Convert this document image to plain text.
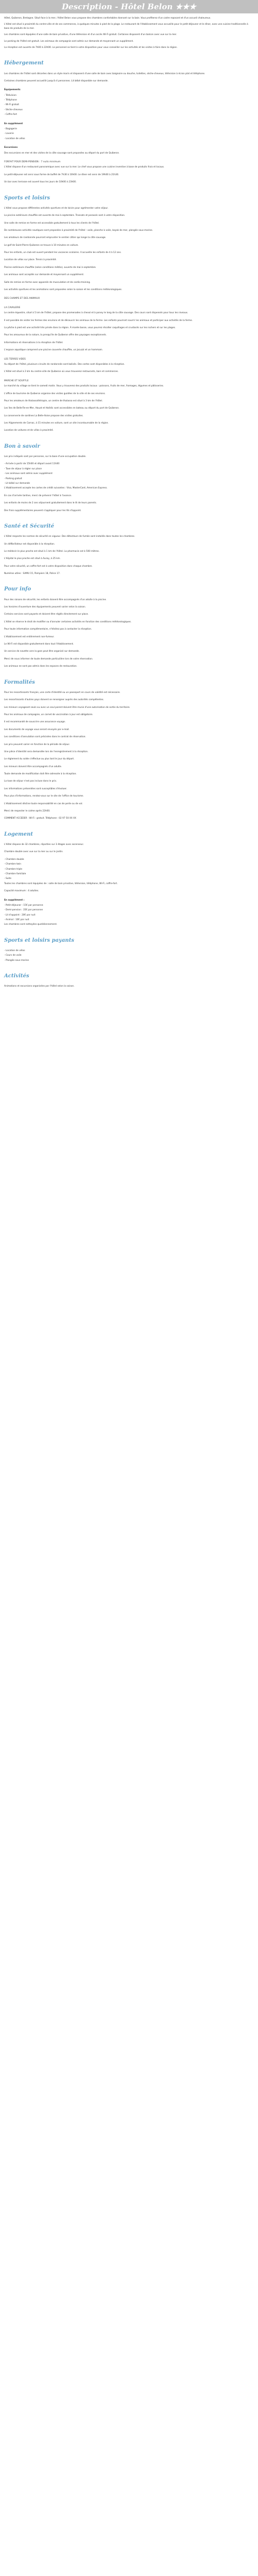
Description - Hôtel Belon ★★★

Hôtel, Quiberon, Bretagne. Situé face à la mer, l'hôtel Belon vous propose des chambres confortables donnant sur la baie. Vous profiterez d'un cadre reposant et d'un accueil chaleureux.

L'hôtel est situé à proximité du centre-ville et de ses commerces, à quelques minutes à pied de la plage. Le restaurant de l'établissement vous accueille pour le petit-déjeuner et le dîner, avec une cuisine traditionnelle à base de produits de la mer.

Les chambres sont équipées d'une salle de bain privative, d'une télévision et d'un accès Wi-Fi gratuit. Certaines disposent d'un balcon avec vue sur la mer.

Le parking de l'hôtel est gratuit. Les animaux de compagnie sont admis sur demande et moyennant un supplément.

La réception est ouverte de 7h00 à 22h00. Le personnel se tient à votre disposition pour vous conseiller sur les activités et les visites à faire dans la région.

Hébergement

Les chambres de l'hôtel sont décorées dans un style marin et disposent d'une salle de bain avec baignoire ou douche, toilettes, sèche-cheveux, télévision à écran plat et téléphone.

Certaines chambres peuvent accueillir jusqu'à 4 personnes. Lit bébé disponible sur demande.

Équipements

- Télévision

- Téléphone

- Wi-Fi gratuit

- Sèche-cheveux

- Coffre-fort

En supplément

- Bagagerie

- Laverie

- Location de vélos

Excursions

Des excursions en mer et des visites de la côte sauvage sont proposées au départ du port de Quiberon.

FORFAIT POUR DEMI-PENSION : 7 nuits minimum

L'hôtel dispose d'un restaurant panoramique avec vue sur la mer. Le chef vous propose une cuisine inventive à base de produits frais et locaux.

Le petit-déjeuner est servi sous forme de buffet de 7h30 à 10h00. Le dîner est servi de 19h00 à 21h30.

Un bar avec terrasse est ouvert tous les jours de 10h00 à 23h00.

Sports et loisirs

L'hôtel vous propose différentes activités sportives et de loisirs pour agrémenter votre séjour.

La piscine extérieure chauffée est ouverte de mai à septembre. Transats et parasols sont à votre disposition.

Une salle de remise en forme est accessible gratuitement à tous les clients de l'hôtel.

De nombreuses activités nautiques sont proposées à proximité de l'hôtel : voile, planche à voile, kayak de mer, plongée sous-marine.

Les amateurs de randonnée pourront emprunter le sentier côtier qui longe la côte sauvage.

Le golf de Saint-Pierre-Quiberon se trouve à 10 minutes en voiture.

Pour les enfants, un club est ouvert pendant les vacances scolaires. Il accueille les enfants de 4 à 12 ans.

Location de vélos sur place. Tennis à proximité.

Piscine extérieure chauffée (selon conditions météo), ouverte de mai à septembre.

Les animaux sont acceptés sur demande et moyennant un supplément.

Salle de remise en forme avec appareils de musculation et de cardio-training.

Les activités sportives et les animations sont proposées selon la saison et les conditions météorologiques.

DES CHAMPS ET DES ANIMAUX
LA CAVALERIE

Le centre équestre, situé à 5 km de l'hôtel, propose des promenades à cheval et à poney le long de la côte sauvage. Des cours sont dispensés pour tous les niveaux.

Il est possible de visiter les fermes des environs et de découvrir les animaux de la ferme. Les enfants pourront nourrir les animaux et participer aux activités de la ferme.

La pêche à pied est une activité très prisée dans la région. À marée basse, vous pourrez récolter coquillages et crustacés sur les rochers et sur les plages.

Pour les amoureux de la nature, la presqu'île de Quiberon offre des paysages exceptionnels.

Informations et réservations à la réception de l'hôtel.

L'espace aquatique comprend une piscine couverte chauffée, un jacuzzi et un hammam.

LES TERRES VIDES

Au départ de l'hôtel, plusieurs circuits de randonnée sont balisés. Des cartes sont disponibles à la réception.

L'hôtel est situé à 2 km du centre-ville de Quiberon où vous trouverez restaurants, bars et commerces.

MARCHE ET SOUFFLE

Le marché du village se tient le samedi matin. Vous y trouverez des produits locaux : poissons, fruits de mer, fromages, légumes et pâtisseries.

L'office de tourisme de Quiberon organise des visites guidées de la ville et de ses environs.

Pour les amateurs de thalassothérapie, un centre de thalasso est situé à 3 km de l'hôtel.

Les îles de Belle-Île-en-Mer, Houat et Hoëdic sont accessibles en bateau au départ du port de Quiberon.

La conserverie de sardines La Belle-Iloise propose des visites gratuites.

Les Alignements de Carnac, à 15 minutes en voiture, sont un site incontournable de la région.

Location de voitures et de vélos à proximité.

Bon à savoir

Les prix indiqués sont par personne, sur la base d'une occupation double.

- Arrivée à partir de 15h00 et départ avant 11h00

- Taxe de séjour à régler sur place

- Les animaux sont admis avec supplément

- Parking gratuit

- Lit bébé sur demande

L'établissement accepte les cartes de crédit suivantes : Visa, MasterCard, American Express.

En cas d'arrivée tardive, merci de prévenir l'hôtel à l'avance.

Les enfants de moins de 2 ans séjournent gratuitement dans le lit de leurs parents.

Des frais supplémentaires peuvent s'appliquer pour les lits d'appoint.

Santé et Sécurité

L'hôtel respecte les normes de sécurité en vigueur. Des détecteurs de fumée sont installés dans toutes les chambres.

Un défibrillateur est disponible à la réception.

Le médecin le plus proche est situé à 1 km de l'hôtel. La pharmacie est à 500 mètres.

L'hôpital le plus proche est situé à Auray, à 25 km.

Pour votre sécurité, un coffre-fort est à votre disposition dans chaque chambre.

Numéros utiles : SAMU 15, Pompiers 18, Police 17.

Pour info

Pour des raisons de sécurité, les enfants doivent être accompagnés d'un adulte à la piscine.

Les horaires d'ouverture des équipements peuvent varier selon la saison.

Certains services sont payants et doivent être réglés directement sur place.

L'hôtel se réserve le droit de modifier ou d'annuler certaines activités en fonction des conditions météorologiques.

Pour toute information complémentaire, n'hésitez pas à contacter la réception.

L'établissement est entièrement non-fumeur.

Le Wi-Fi est disponible gratuitement dans tout l'établissement.

Un service de navette vers la gare peut être organisé sur demande.

Merci de nous informer de toute demande particulière lors de votre réservation.

Les animaux ne sont pas admis dans les espaces de restauration.

Formalités

Pour les ressortissants français, une carte d'identité ou un passeport en cours de validité est nécessaire.

Les ressortissants d'autres pays doivent se renseigner auprès des autorités compétentes.

Les mineurs voyageant seuls ou avec un seul parent doivent être munis d'une autorisation de sortie du territoire.

Pour les animaux de compagnie, un carnet de vaccination à jour est obligatoire.

Il est recommandé de souscrire une assurance voyage.

Les documents de voyage vous seront envoyés par e-mail.

Les conditions d'annulation sont précisées dans le contrat de réservation.

Les prix peuvent varier en fonction de la période de séjour.

Une pièce d'identité sera demandée lors de l'enregistrement à la réception.

Le règlement du solde s'effectue au plus tard le jour du départ.

Les mineurs doivent être accompagnés d'un adulte.

Toute demande de modification doit être adressée à la réception.

La taxe de séjour n'est pas incluse dans le prix.

Les informations présentées sont susceptibles d'évoluer.

Pour plus d'informations, rendez-vous sur le site de l'office de tourisme.

L'établissement décline toute responsabilité en cas de perte ou de vol.

Merci de respecter le calme après 22h00.

COMMENT ACCEDER : Wi-Fi : gratuit. Téléphone : 02 97 50 XX XX

Logement

L'hôtel dispose de 32 chambres, réparties sur 3 étages avec ascenseur.

Chambre double avec vue sur la mer ou sur le jardin.

- Chambre double

- Chambre twin

- Chambre triple

- Chambre familiale

- Suite

Toutes les chambres sont équipées de : salle de bain privative, télévision, téléphone, Wi-Fi, coffre-fort.

Capacité maximum : 4 adultes.

En supplément :

- Petit-déjeuner : 15€ par personne

- Demi-pension : 35€ par personne

- Lit d'appoint : 20€ par nuit

- Animal : 10€ par nuit

Les chambres sont nettoyées quotidiennement.

Sports et loisirs payants

- Location de vélos

- Cours de voile

- Plongée sous-marine

Activités

Animations et excursions organisées par l'hôtel selon la saison.
